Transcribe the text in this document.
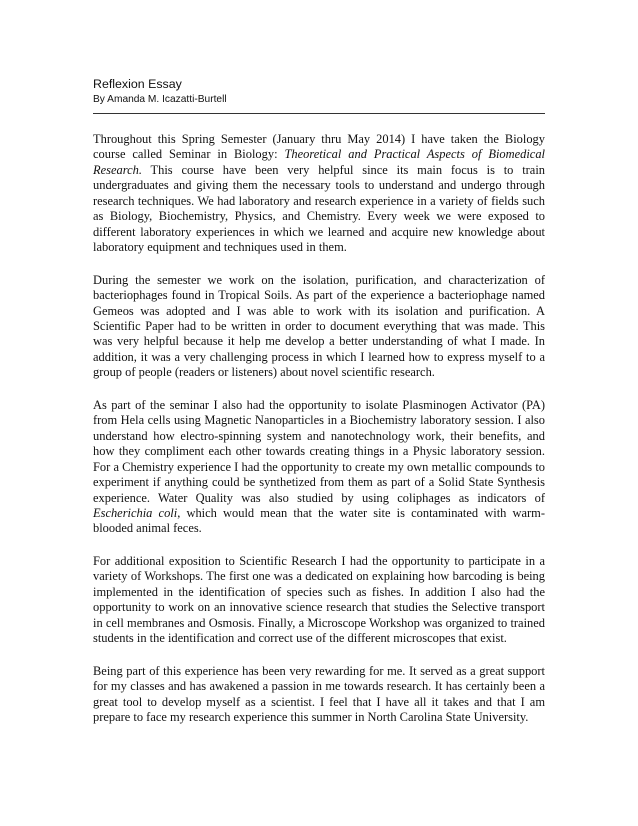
Reflexion Essay

By Amanda M. Icazatti-Burtell

Throughout this Spring Semester (January thru May 2014) I have taken the Biology course called Seminar in Biology: Theoretical and Practical Aspects of Biomedical Research. This course have been very helpful since its main focus is to train undergraduates and giving them the necessary tools to understand and undergo through research techniques. We had laboratory and research experience in a variety of fields such as Biology, Biochemistry, Physics, and Chemistry. Every week we were exposed to different laboratory experiences in which we learned and acquire new knowledge about laboratory equipment and techniques used in them.

During the semester we work on the isolation, purification, and characterization of bacteriophages found in Tropical Soils. As part of the experience a bacteriophage named Gemeos was adopted and I was able to work with its isolation and purification. A Scientific Paper had to be written in order to document everything that was made. This was very helpful because it help me develop a better understanding of what I made. In addition, it was a very challenging process in which I learned how to express myself to a group of people (readers or listeners) about novel scientific research.

As part of the seminar I also had the opportunity to isolate Plasminogen Activator (PA) from Hela cells using Magnetic Nanoparticles in a Biochemistry laboratory session. I also understand how electro-spinning system and nanotechnology work, their benefits, and how they compliment each other towards creating things in a Physic laboratory session. For a Chemistry experience I had the opportunity to create my own metallic compounds to experiment if anything could be synthetized from them as part of a Solid State Synthesis experience. Water Quality was also studied by using coliphages as indicators of Escherichia coli, which would mean that the water site is contaminated with warm-blooded animal feces.

For additional exposition to Scientific Research I had the opportunity to participate in a variety of Workshops. The first one was a dedicated on explaining how barcoding is being implemented in the identification of species such as fishes. In addition I also had the opportunity to work on an innovative science research that studies the Selective transport in cell membranes and Osmosis. Finally, a Microscope Workshop was organized to trained students in the identification and correct use of the different microscopes that exist.

Being part of this experience has been very rewarding for me. It served as a great support for my classes and has awakened a passion in me towards research. It has certainly been a great tool to develop myself as a scientist. I feel that I have all it takes and that I am prepare to face my research experience this summer in North Carolina State University.
